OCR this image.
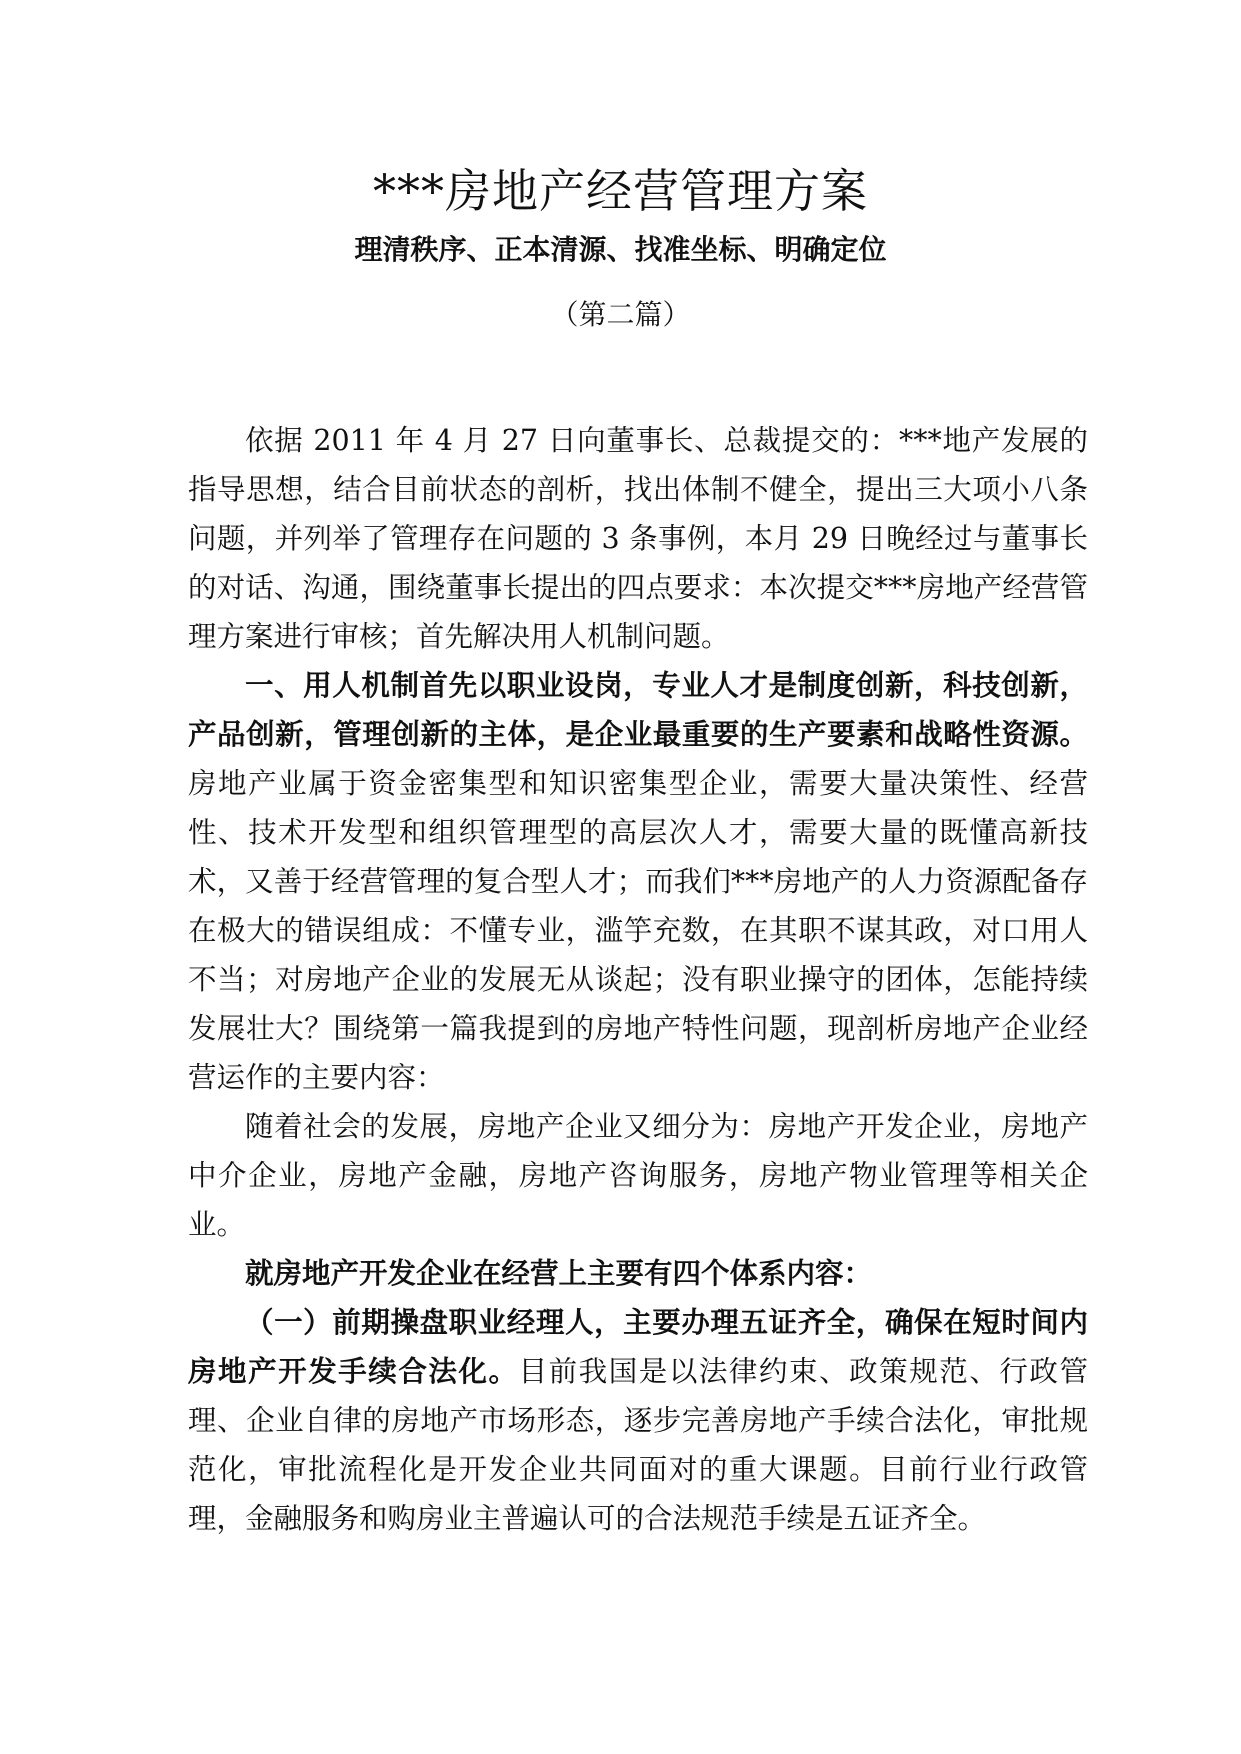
***房地产经营管理方案
理清秩序、正本清源、找准坐标、明确定位
（第二篇）

依据 2011 年 4 月 27 日向董事长、总裁提交的：***地产发展的指导思想，结合目前状态的剖析，找出体制不健全，提出三大项小八条问题，并列举了管理存在问题的 3 条事例，本月 29 日晚经过与董事长的对话、沟通，围绕董事长提出的四点要求：本次提交***房地产经营管理方案进行审核；首先解决用人机制问题。

一、用人机制首先以职业设岗，专业人才是制度创新，科技创新，产品创新，管理创新的主体，是企业最重要的生产要素和战略性资源。房地产业属于资金密集型和知识密集型企业，需要大量决策性、经营性、技术开发型和组织管理型的高层次人才，需要大量的既懂高新技术，又善于经营管理的复合型人才；而我们***房地产的人力资源配备存在极大的错误组成：不懂专业，滥竽充数，在其职不谋其政，对口用人不当；对房地产企业的发展无从谈起；没有职业操守的团体，怎能持续发展壮大？围绕第一篇我提到的房地产特性问题，现剖析房地产企业经营运作的主要内容：

随着社会的发展，房地产企业又细分为：房地产开发企业，房地产中介企业，房地产金融，房地产咨询服务，房地产物业管理等相关企业。

就房地产开发企业在经营上主要有四个体系内容：

（一）前期操盘职业经理人，主要办理五证齐全，确保在短时间内房地产开发手续合法化。目前我国是以法律约束、政策规范、行政管理、企业自律的房地产市场形态，逐步完善房地产手续合法化，审批规范化，审批流程化是开发企业共同面对的重大课题。目前行业行政管理，金融服务和购房业主普遍认可的合法规范手续是五证齐全。
